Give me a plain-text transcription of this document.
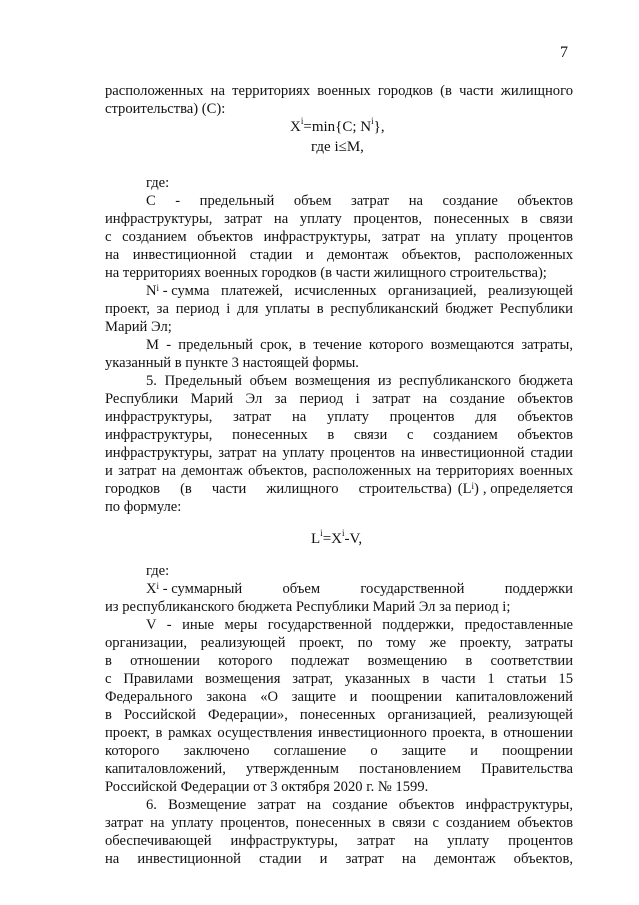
7
расположенных на территориях военных городков (в части жилищного
строительства) (C):
$X^i=\min\{C$; $N^i$},
где i≤M,
где:
C - предельный объем затрат на создание объектов
инфраструктуры, затрат на уплату процентов, понесенных в связи
с созданием объектов инфраструктуры, затрат на уплату процентов
на инвестиционной стадии и демонтаж объектов, расположенных
на территориях военных городков (в части жилищного строительства);
$N^i$ - сумма платежей, исчисленных организацией, реализующей
проект, за период i для уплаты в республиканский бюджет Республики
Марий Эл;
M - предельный срок, в течение которого возмещаются затраты,
указанный в пункте 3 настоящей формы.
5. Предельный объем возмещения из республиканского бюджета
Республики Марий Эл за период i затрат на создание объектов
инфраструктуры, затрат на уплату процентов для объектов
инфраструктуры, понесенных в связи с созданием объектов
инфраструктуры, затрат на уплату процентов на инвестиционной стадии
и затрат на демонтаж объектов, расположенных на территориях военных
городков (в части жилищного строительства) ($L^i$ ) , определяется
по формуле:
$L^i=X^i-V$,
где:
$X^i$ - суммарный объем государственной поддержки
из республиканского бюджета Республики Марий Эл за период i;
V - иные меры государственной поддержки, предоставленные
организации, реализующей проект, по тому же проекту, затраты
в отношении которого подлежат возмещению в соответствии
с Правилами возмещения затрат, указанных в части 1 статьи 15
Федерального закона «О защите и поощрении капиталовложений
в Российской Федерации», понесенных организацией, реализующей
проект, в рамках осуществления инвестиционного проекта, в отношении
которого заключено соглашение о защите и поощрении
капиталовложений, утвержденным постановлением Правительства
Российской Федерации от 3 октября 2020 г. № 1599.
6. Возмещение затрат на создание объектов инфраструктуры,
затрат на уплату процентов, понесенных в связи с созданием объектов
обеспечивающей инфраструктуры, затрат на уплату процентов
на инвестиционной стадии и затрат на демонтаж объектов,
